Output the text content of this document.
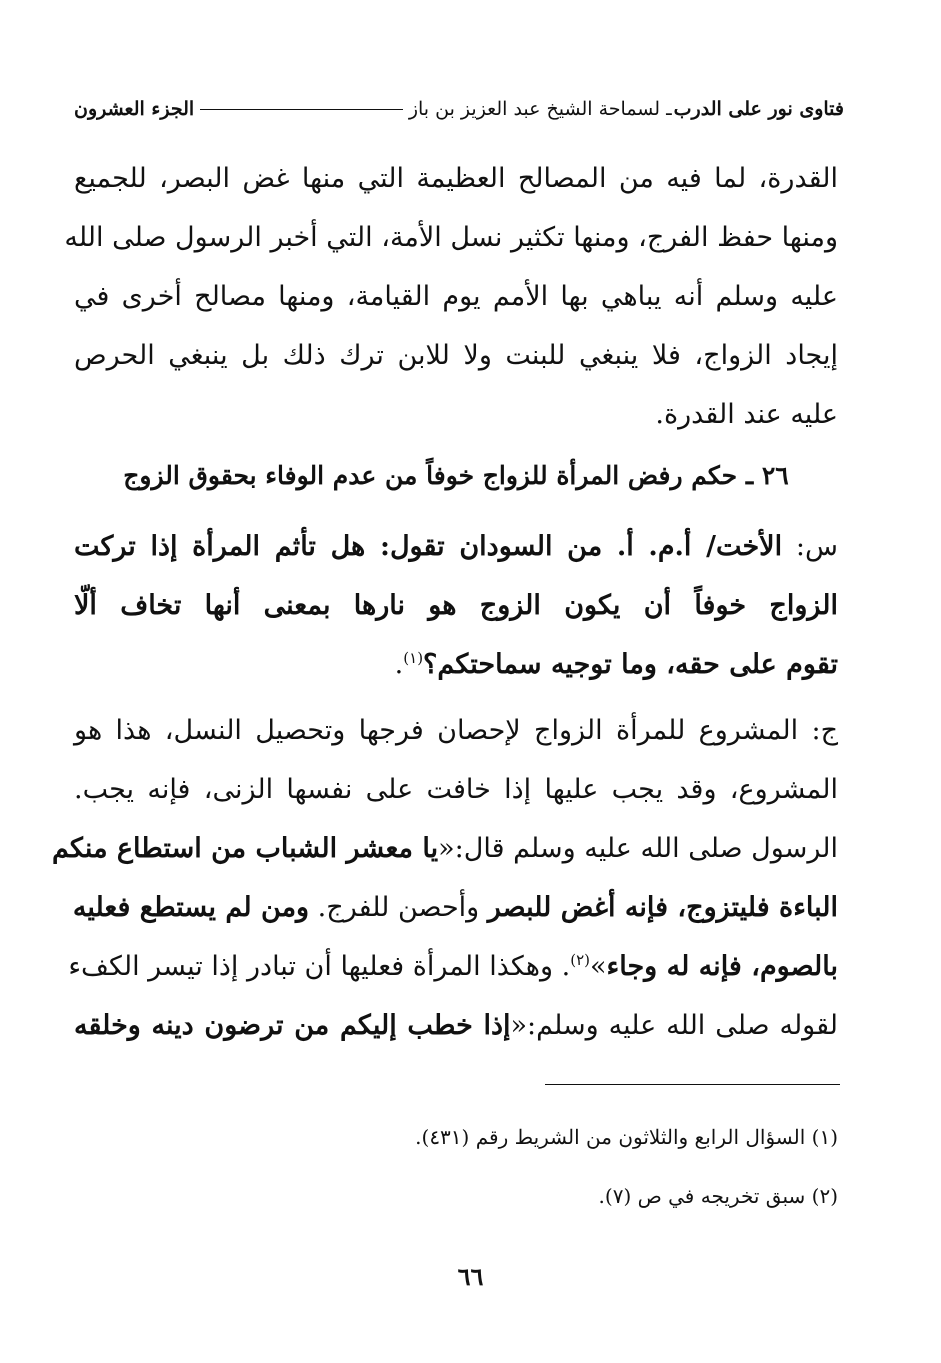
فتاوى نور على الدرب
ـ لسماحة الشيخ عبد العزيز بن باز
الجزء العشرون
القدرة، لما فيه من المصالح العظيمة التي منها غض البصر، للجميع
ومنها حفظ الفرج، ومنها تكثير نسل الأمة، التي أخبر الرسول صلى الله
عليه وسلم أنه يباهي بها الأمم يوم القيامة، ومنها مصالح أخرى في
إيجاد الزواج، فلا ينبغي للبنت ولا للابن ترك ذلك بل ينبغي الحرص
عليه عند القدرة.
٢٦ ـ حكم رفض المرأة للزواج خوفاً من عدم الوفاء بحقوق الزوج
س: الأخت/ أ.م. أ. من السودان تقول: هل تأثم المرأة إذا تركت
الزواج خوفاً أن يكون الزوج هو نارها بمعنى أنها تخاف ألّا
تقوم على حقه، وما توجيه سماحتكم؟$^{(١)}$.
ج: المشروع للمرأة الزواج لإحصان فرجها وتحصيل النسل، هذا هو
المشروع، وقد يجب عليها إذا خافت على نفسها الزنى، فإنه يجب.
الرسول صلى الله عليه وسلم قال:«يا معشر الشباب من استطاع منكم
الباءة فليتزوج، فإنه أغض للبصر وأحصن للفرج. ومن لم يستطع فعليه
بالصوم، فإنه له وجاء»$^{(٢)}$. وهكذا المرأة فعليها أن تبادر إذا تيسر الكفء
لقوله صلى الله عليه وسلم:«إذا خطب إليكم من ترضون دينه وخلقه
(١) السؤال الرابع والثلاثون من الشريط رقم (٤٣١).
(٢) سبق تخريجه في ص (٧).
٦٦
